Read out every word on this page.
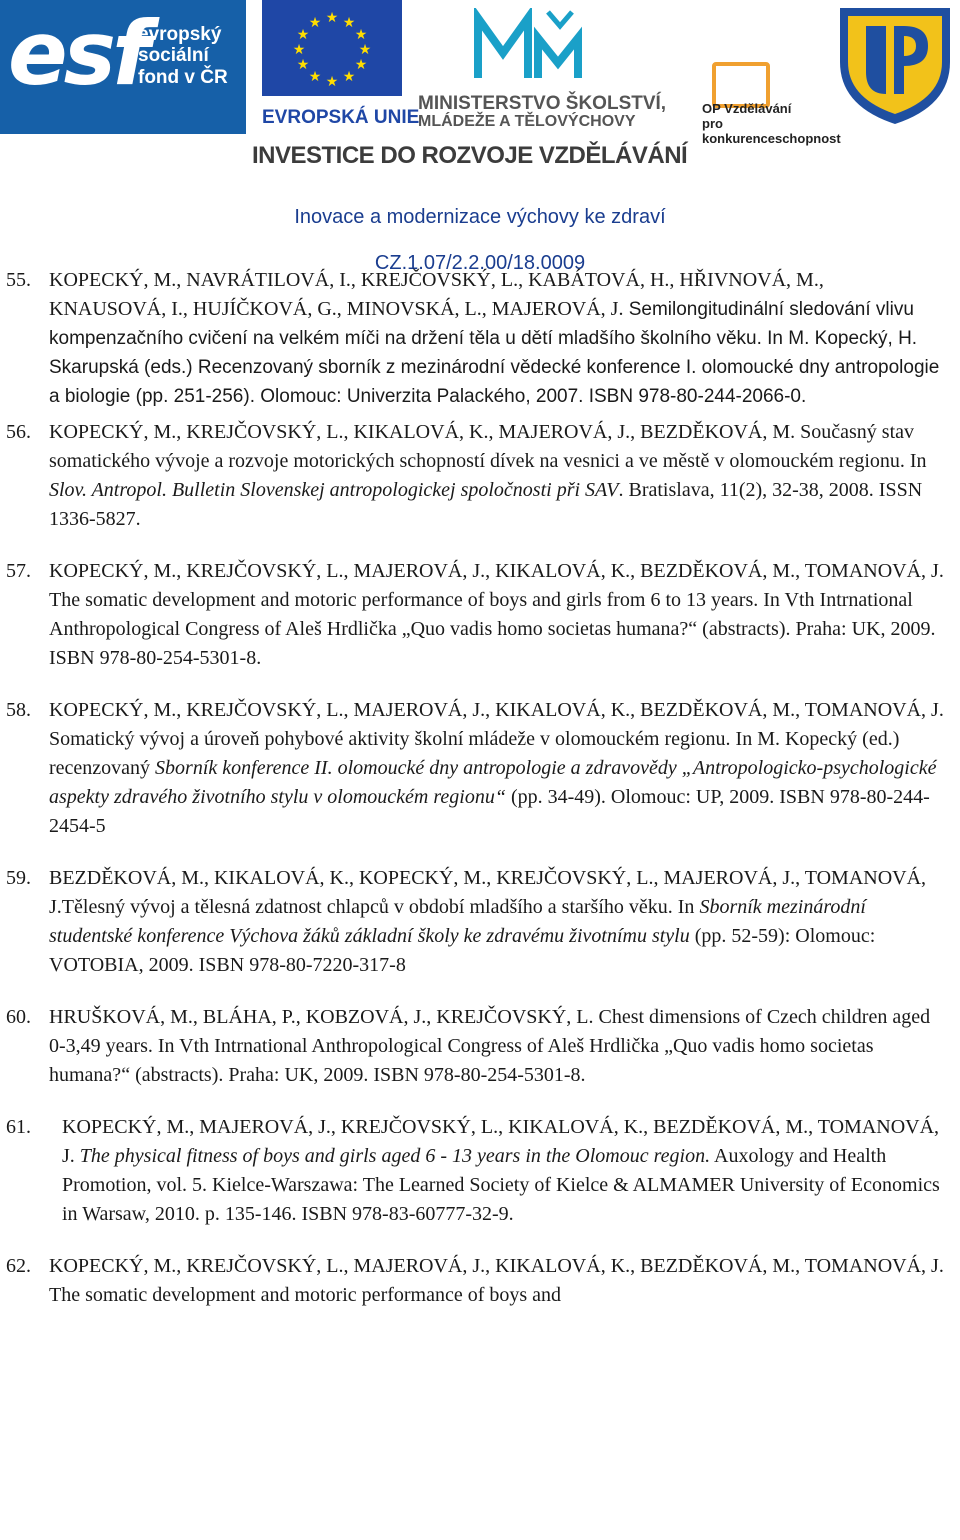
esf
evropský
sociální
fond v ČR
★ ★
★
★
★
★
★
★
★
★
★
★
EVROPSKÁ UNIE
MINISTERSTVO ŠKOLSTVÍ,
MLÁDEŽE A TĚLOVÝCHOVY
OP Vzdělávání
pro konkurenceschopnost
INVESTICE DO ROZVOJE VZDĚLÁVÁNÍ
Inovace a modernizace výchovy ke zdraví
CZ.1.07/2.2.00/18.0009

55. KOPECKÝ, M., NAVRÁTILOVÁ, I., KREJČOVSKÝ, L., KABÁTOVÁ, H., HŘIVNOVÁ, M., KNAUSOVÁ, I., HUJÍČKOVÁ, G., MINOVSKÁ, L., MAJEROVÁ, J. Semilongitudinální sledování vlivu kompenzačního cvičení na velkém míči na držení těla u dětí mladšího školního věku. In M. Kopecký, H. Skarupská (eds.) Recenzovaný sborník z mezinárodní vědecké konference I. olomoucké dny antropologie a biologie (pp. 251-256). Olomouc: Univerzita Palackého, 2007. ISBN 978-80-244-2066-0.

56. KOPECKÝ, M., KREJČOVSKÝ, L., KIKALOVÁ, K., MAJEROVÁ, J., BEZDĚKOVÁ, M. Současný stav somatického vývoje a rozvoje motorických schopností dívek na vesnici a ve městě v olomouckém regionu. In Slov. Antropol. Bulletin Slovenskej antropologickej spoločnosti při SAV. Bratislava, 11(2), 32-38, 2008. ISSN 1336-5827.

57. KOPECKÝ, M., KREJČOVSKÝ, L., MAJEROVÁ, J., KIKALOVÁ, K., BEZDĚKOVÁ, M., TOMANOVÁ, J. The somatic development and motoric performance of boys and girls from 6 to 13 years. In Vth Intrnational Anthropological Congress of Aleš Hrdlička „Quo vadis homo societas humana?“ (abstracts). Praha: UK, 2009. ISBN 978-80-254-5301-8.

58. KOPECKÝ, M., KREJČOVSKÝ, L., MAJEROVÁ, J., KIKALOVÁ, K., BEZDĚKOVÁ, M., TOMANOVÁ, J. Somatický vývoj a úroveň pohybové aktivity školní mládeže v olomouckém regionu. In M. Kopecký (ed.) recenzovaný Sborník konference II. olomoucké dny antropologie a zdravovědy „Antropologicko-psychologické aspekty zdravého životního stylu v olomouckém regionu“ (pp. 34-49). Olomouc: UP, 2009. ISBN 978-80-244-2454-5

59. BEZDĚKOVÁ, M., KIKALOVÁ, K., KOPECKÝ, M., KREJČOVSKÝ, L., MAJEROVÁ, J., TOMANOVÁ, J.Tělesný vývoj a tělesná zdatnost chlapců v období mladšího a staršího věku. In Sborník mezinárodní studentské konference Výchova žáků základní školy ke zdravému životnímu stylu (pp. 52-59): Olomouc: VOTOBIA, 2009. ISBN 978-80-7220-317-8

60. HRUŠKOVÁ, M., BLÁHA, P., KOBZOVÁ, J., KREJČOVSKÝ, L. Chest dimensions of Czech children aged 0-3,49 years. In Vth Intrnational Anthropological Congress of Aleš Hrdlička „Quo vadis homo societas humana?“ (abstracts). Praha: UK, 2009. ISBN 978-80-254-5301-8.

61. KOPECKÝ, M., MAJEROVÁ, J., KREJČOVSKÝ, L., KIKALOVÁ, K., BEZDĚKOVÁ, M., TOMANOVÁ, J. The physical fitness of boys and girls aged 6 - 13 years in the Olomouc region. Auxology and Health Promotion, vol. 5. Kielce-Warszawa: The Learned Society of Kielce & ALMAMER University of Economics in Warsaw, 2010. p. 135-146. ISBN 978-83-60777-32-9.

62. KOPECKÝ, M., KREJČOVSKÝ, L., MAJEROVÁ, J., KIKALOVÁ, K., BEZDĚKOVÁ, M., TOMANOVÁ, J. The somatic development and motoric performance of boys and
